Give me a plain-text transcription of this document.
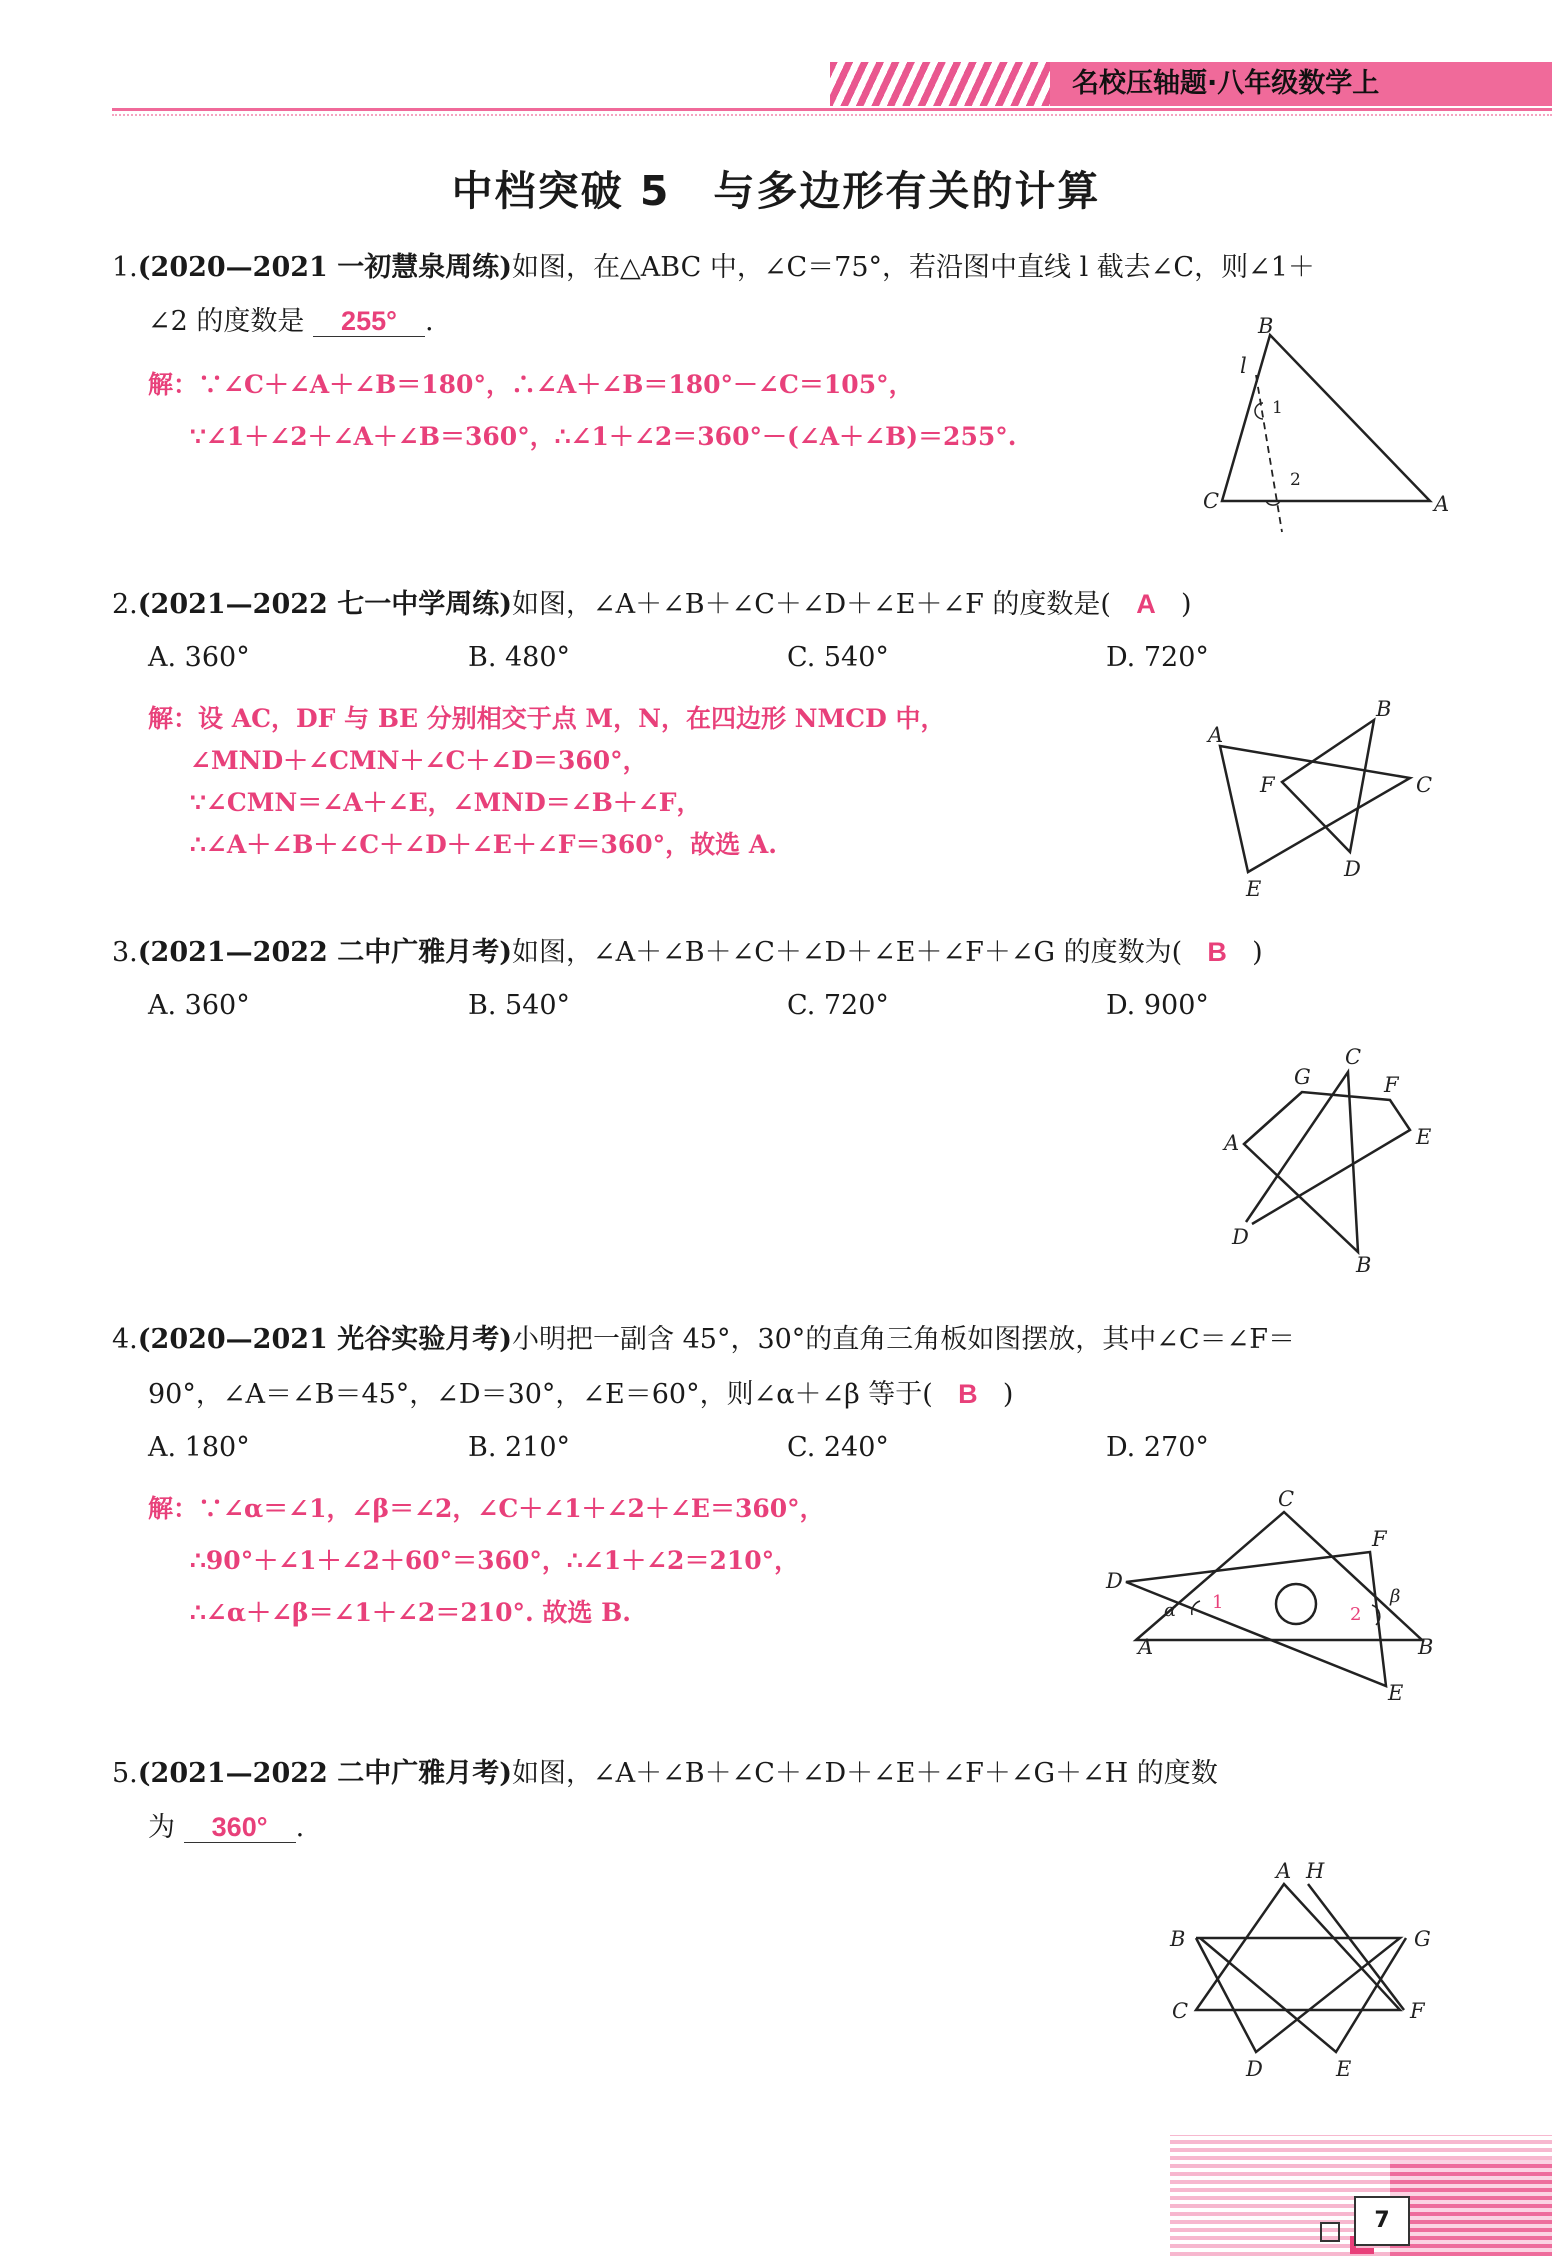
名校压轴题·八年级数学上
中档突破 5　与多边形有关的计算
1.(2020—2021 一初慧泉周练)如图，在△ABC 中，∠C＝75°，若沿图中直线 l 截去∠C，则∠1＋
∠2 的度数是 255° .
解：∵∠C＋∠A＋∠B＝180°，∴∠A＋∠B＝180°－∠C＝105°，
∵∠1＋∠2＋∠A＋∠B＝360°，∴∠1＋∠2＝360°－(∠A＋∠B)＝255°.
B
C	A
l
1
2
2.(2021—2022 七一中学周练)如图，∠A＋∠B＋∠C＋∠D＋∠E＋∠F 的度数是( A )
A. 360°	B. 480°	C. 540°	D. 720°
解：设 AC，DF 与 BE 分别相交于点 M，N，在四边形 NMCD 中，
∠MND＋∠CMN＋∠C＋∠D＝360°，
∵∠CMN＝∠A＋∠E，∠MND＝∠B＋∠F，
∴∠A＋∠B＋∠C＋∠D＋∠E＋∠F＝360°，故选 A.
A
B
C
D
E
F
3.(2021—2022 二中广雅月考)如图，∠A＋∠B＋∠C＋∠D＋∠E＋∠F＋∠G 的度数为( B )
A. 360°	B. 540°	C. 720°	D. 900°
C
G	F
A	E
D
B
4.(2020—2021 光谷实验月考)小明把一副含 45°，30°的直角三角板如图摆放，其中∠C＝∠F＝
90°，∠A＝∠B＝45°，∠D＝30°，∠E＝60°，则∠α＋∠β 等于( B )
A. 180°	B. 210°	C. 240°	D. 270°
解：∵∠α＝∠1，∠β＝∠2，∠C＋∠1＋∠2＋∠E＝360°，
∴90°＋∠1＋∠2＋60°＝360°，∴∠1＋∠2＝210°，
∴∠α＋∠β＝∠1＋∠2＝210°. 故选 B.
C
F
D
A	B
E
α
β
1
2
5.(2021—2022 二中广雅月考)如图，∠A＋∠B＋∠C＋∠D＋∠E＋∠F＋∠G＋∠H 的度数
为 360° .
A H
B	G
C	F
D	E
7
